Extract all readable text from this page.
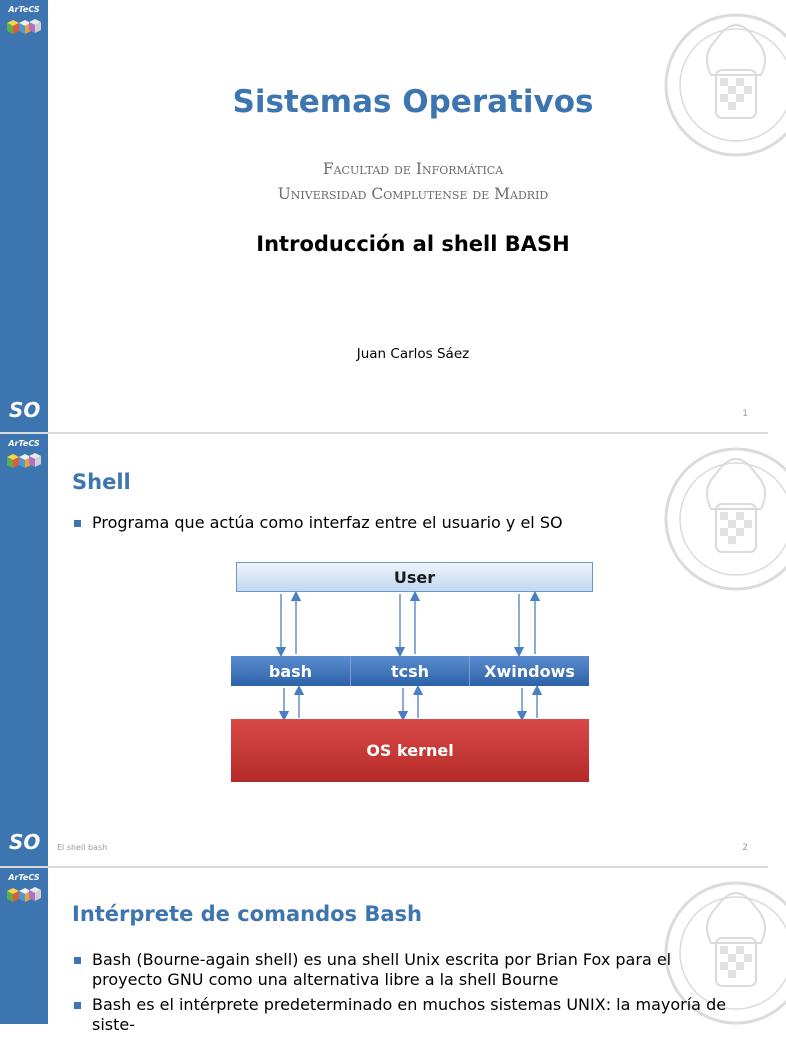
ArTeCS
SO
Sistemas Operativos
Facultad de Informática
Universidad Complutense de Madrid
Introducción al shell BASH
Juan Carlos Sáez
1
ArTeCS
SO
Shell
Programa que actúa como interfaz entre el usuario y el SO
User
bash	tcsh	Xwindows
OS kernel
El shell bash	2
ArTeCS
Intérprete de comandos Bash
Bash (Bourne-again shell) es una shell Unix escrita por Brian Fox para el proyecto GNU como una alternativa libre a la shell Bourne
Bash es el intérprete predeterminado en muchos sistemas UNIX: la mayoría de siste-
